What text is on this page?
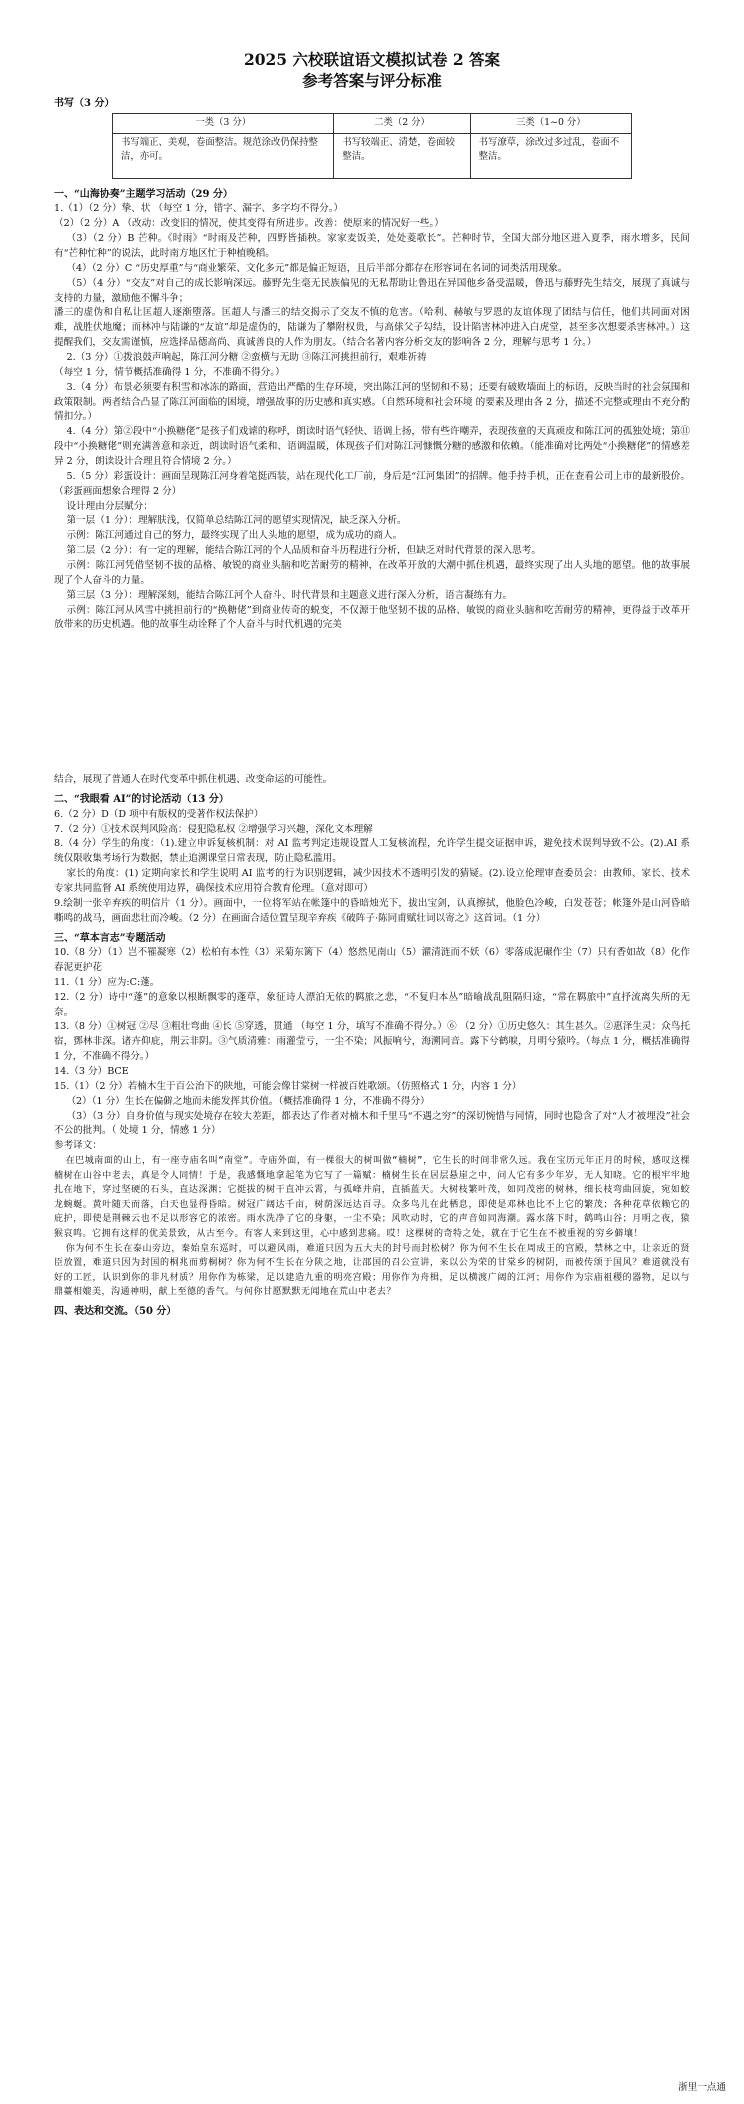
2025 六校联谊语文模拟试卷 2 答案
参考答案与评分标准
书写（3 分）
一类（3 分）	二类（2 分）	三类（1~0 分）
书写端正、美观，卷面整洁。规范涂改仍保持整洁，亦可。	书写较端正、清楚，卷面较整洁。	书写潦草，涂改过多过乱，卷面不整洁。

一、“山海协奏”主题学习活动（29 分）

1.（1）（2 分）挚、状 （每空 1 分，错字、漏字、多字均不得分。）

（2）（2 分）A （改动：改变旧的情况，使其变得有所进步。改善：使原来的情况好一些。）

（3）（2 分）B 芒种。《时雨》“时雨及芒种，四野皆插秧。家家麦饭美，处处菱歌长”。芒种时节，全国大部分地区进入夏季，雨水增多，民间有“芒种忙种”的说法，此时南方地区忙于种植晚稻。

（4）（2 分）C “历史厚重”与“商业繁荣、文化多元”都是偏正短语，且后半部分都存在形容词在名词的词类活用现象。

（5）（4 分）“交友”对自己的成长影响深远。藤野先生毫无民族偏见的无私帮助让鲁迅在异国他乡备受温暖，鲁迅与藤野先生结交，展现了真诚与支持的力量，激励他不懈斗争；

潘三的虚伪和自私让匡超人逐渐堕落。匡超人与潘三的结交揭示了交友不慎的危害。（哈利、赫敏与罗恩的友谊体现了团结与信任，他们共同面对困难，战胜伏地魔；而林冲与陆谦的“友谊”却是虚伪的，陆谦为了攀附权贵，与高俅父子勾结，设计陷害林冲进入白虎堂，甚至多次想要杀害林冲。）这提醒我们，交友需谨慎，应选择品德高尚、真诚善良的人作为朋友。（结合名著内容分析交友的影响各 2 分，理解与思考 1 分。）

2.（3 分）①拨浪鼓声响起，陈江河分糖 ②蛮横与无助 ③陈江河挑担前行，艰难祈祷

（每空 1 分，情节概括准确得 1 分，不准确不得分。）

3.（4 分）布景必须要有积雪和冰冻的路面，营造出严酷的生存环境，突出陈江河的坚韧和不易；还要有破败墙面上的标语，反映当时的社会氛围和政策限制。两者结合凸显了陈江河面临的困境，增强故事的历史感和真实感。（自然环境和社会环境 的要素及理由各 2 分，描述不完整或理由不充分酌情扣分。）

4.（4 分）第②段中“小换糖佬”是孩子们戏谑的称呼，朗读时语气轻快、语调上扬，带有些许嘲弄，表现孩童的天真顽皮和陈江河的孤独处境；第⑪段中“小换糖佬”则充满善意和亲近，朗读时语气柔和、语调温暖，体现孩子们对陈江河慷慨分糖的感激和依赖。（能准确对比两处“小换糖佬”的情感差异 2 分，朗读设计合理且符合情境 2 分。）

5.（5 分）彩蛋设计：画面呈现陈江河身着笔挺西装，站在现代化工厂前，身后是“江河集团”的招牌。他手持手机，正在查看公司上市的最新股价。（彩蛋画面想象合理得 2 分）

设计理由分层赋分：

第一层（1 分）：理解肤浅，仅简单总结陈江河的愿望实现情况，缺乏深入分析。

示例：陈江河通过自己的努力，最终实现了出人头地的愿望，成为成功的商人。

第二层（2 分）：有一定的理解，能结合陈江河的个人品质和奋斗历程进行分析，但缺乏对时代背景的深入思考。

示例：陈江河凭借坚韧不拔的品格、敏锐的商业头脑和吃苦耐劳的精神，在改革开放的大潮中抓住机遇，最终实现了出人头地的愿望。他的故事展现了个人奋斗的力量。

第三层（3 分）：理解深刻，能结合陈江河个人奋斗、时代背景和主题意义进行深入分析，语言凝练有力。

示例：陈江河从风雪中挑担前行的“换糖佬”到商业传奇的蜕变，不仅源于他坚韧不拔的品格、敏锐的商业头脑和吃苦耐劳的精神，更得益于改革开放带来的历史机遇。他的故事生动诠释了个人奋斗与时代机遇的完美

结合，展现了普通人在时代变革中抓住机遇、改变命运的可能性。

二、“我眼看 AI”的讨论活动（13 分）

6.（2 分）D（D 项中有版权的受著作权法保护）

7.（2 分）①技术误判风险高：侵犯隐私权 ②增强学习兴趣，深化文本理解

8.（4 分）学生的角度：（1).建立申诉复核机制：对 AI 监考判定违规设置人工复核流程，允许学生提交证据申诉，避免技术误判导致不公。(2).AI 系统仅限收集考场行为数据，禁止追溯课堂日常表现，防止隐私滥用。

家长的角度：(1) 定期向家长和学生说明 AI 监考的行为识别逻辑，减少因技术不透明引发的猜疑。(2).设立伦理审查委员会：由教师、家长、技术专家共同监督 AI 系统使用边界，确保技术应用符合教育伦理。（意对即可）

9.绘制一张辛弃疾的明信片（1 分）。画面中，一位将军站在帐篷中的昏暗烛光下，拔出宝剑，认真擦拭，他脸色冷峻，白发苍苍；帐篷外是山河昏暗嘶鸣的战马，画面悲壮而冷峻。（2 分）在画面合适位置呈现辛弃疾《破阵子·陈同甫赋壮词以寄之》这首词。（1 分）

三、“草本言志”专题活动

10.（8 分）（1）岂不罹凝寒（2）松柏有本性（3）采菊东篱下（4）悠然见南山（5）濯清涟而不妖（6）零落成泥碾作尘（7）只有香如故（8）化作春泥更护花

11.（1 分）应为:C:蓬。

12.（2 分）诗中“蓬”的意象以根断飘零的蓬草，象征诗人漂泊无依的羁旅之悲，“不复归本丛”暗喻战乱阻隔归途，“常在羁旅中”直抒流离失所的无奈。

13.（8 分）①树冠 ②尽 ③粗壮弯曲 ④长 ⑤穿透，贯通 （每空 1 分，填写不准确不得分。）⑥ （2 分）①历史悠久：其生甚久。②惠泽生灵：众鸟托宿，鄧林非深。诸卉仰庇，荆云非阴。③气质清雅：雨灌莹亏，一尘不染；风振响兮，海溯同音。露下兮鹤唳，月明兮猿吟。（每点 1 分，概括准确得 1 分，不准确不得分。）

14.（3 分）BCE

15.（1）（2 分）若楠木生于百公治下的陕地，可能会像甘棠树一样被百姓歌颂。（仿照格式 1 分，内容 1 分）

（2）（1 分）生长在偏僻之地而未能发挥其价值。（概括准确得 1 分，不准确不得分）

（3）（3 分）自身价值与现实处境存在较大差距，都表达了作者对楠木和千里马“不遇之穷”的深切惋惜与同情，同时也隐含了对“人才被埋没”社会不公的批判。（ 处境 1 分，情感 1 分）

参考译文：

在巴城南面的山上，有一座寺庙名叫“南堂”。寺庙外面，有一棵很大的树叫做“楠树”，它生长的时间非常久远。我在宝历元年正月的时候，感叹这棵楠树在山谷中老去，真是令人同情！于是，我感慨地拿起笔为它写了一篇赋：楠树生长在居层悬崖之中，问人它有多少年岁，无人知晓。它的根牢牢地扎在地下，穿过坚硬的石头，直达深渊；它挺拔的树干直冲云霄，与孤峰并肩，直插蓝天。大树枝繁叶茂，如同茂密的树林，细长枝弯曲回旋，宛如蛟龙蜿蜒。黄叶随天而落，白天也显得昏暗。树冠广阔达千亩，树荫深远达百寻。众多鸟儿在此栖息，即使是邓林也比不上它的繁茂；各种花草依赖它的庇护，即使是荆棘云也不足以形容它的浓密。雨水洗净了它的身躯，一尘不染；风吹动时，它的声音如同海潮。露水落下时，鹤鸣山谷；月明之夜，猿猴哀鸣。它拥有这样的优美景致，从古至今。有客人来到这里，心中感到悲痛。哎！这棵树的奇特之处，就在于它生在不被重视的穷乡僻壤！

你为何不生长在泰山旁边，秦始皇东巡时，可以避风雨，难道只因为五大夫的封号而封松树？你为何不生长在周成王的宫殿，禁林之中，让亲近的贤臣放置，难道只因为封国的桐兆而剪桐树？你为何不生长在分陕之地，让邵国的召公宣讲，来以公为荣的甘棠乡的树阴，而被传颂于国风？难道就没有好的工匠，认识到你的非凡材质？用你作为栋梁，足以建造九重的明亮宫殿；用你作为舟楫，足以横渡广阔的江河；用你作为宗庙祖稷的器物，足以与鼎薹相媲美，沟通神明，献上至德的香气。与何你甘愿默默无闻地在荒山中老去？

四、表达和交流。（50 分）

浙里一点通
